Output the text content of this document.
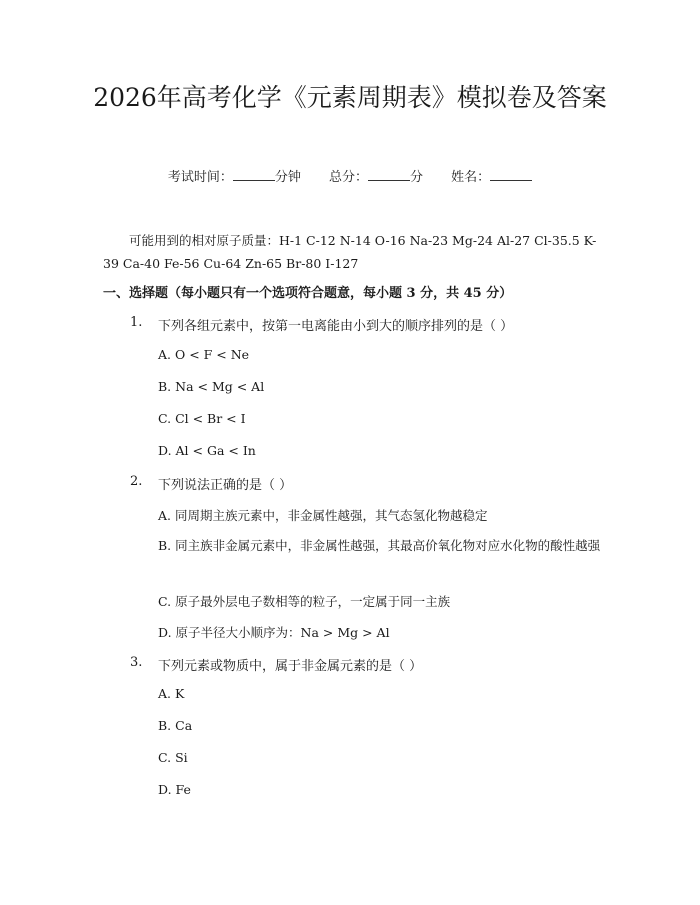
2026年高考化学《元素周期表》模拟卷及答案
考试时间：	分钟 总分：	分 姓名：
可能用到的相对原子质量：H-1 C-12 N-14 O-16 Na-23 Mg-24 Al-27 Cl-35.5 K-39 Ca-40 Fe-56 Cu-64 Zn-65 Br-80 I-127
一、选择题（每小题只有一个选项符合题意，每小题 3 分，共 45 分）
1. 下列各组元素中，按第一电离能由小到大的顺序排列的是（ ）
A. O < F < Ne
B. Na < Mg < Al
C. Cl < Br < I
D. Al < Ga < In
2. 下列说法正确的是（ ）
A. 同周期主族元素中，非金属性越强，其气态氢化物越稳定
B. 同主族非金属元素中，非金属性越强，其最高价氧化物对应水化物的酸性越强
C. 原子最外层电子数相等的粒子，一定属于同一主族
D. 原子半径大小顺序为：Na > Mg > Al
3. 下列元素或物质中，属于非金属元素的是（ ）
A. K
B. Ca
C. Si
D. Fe
